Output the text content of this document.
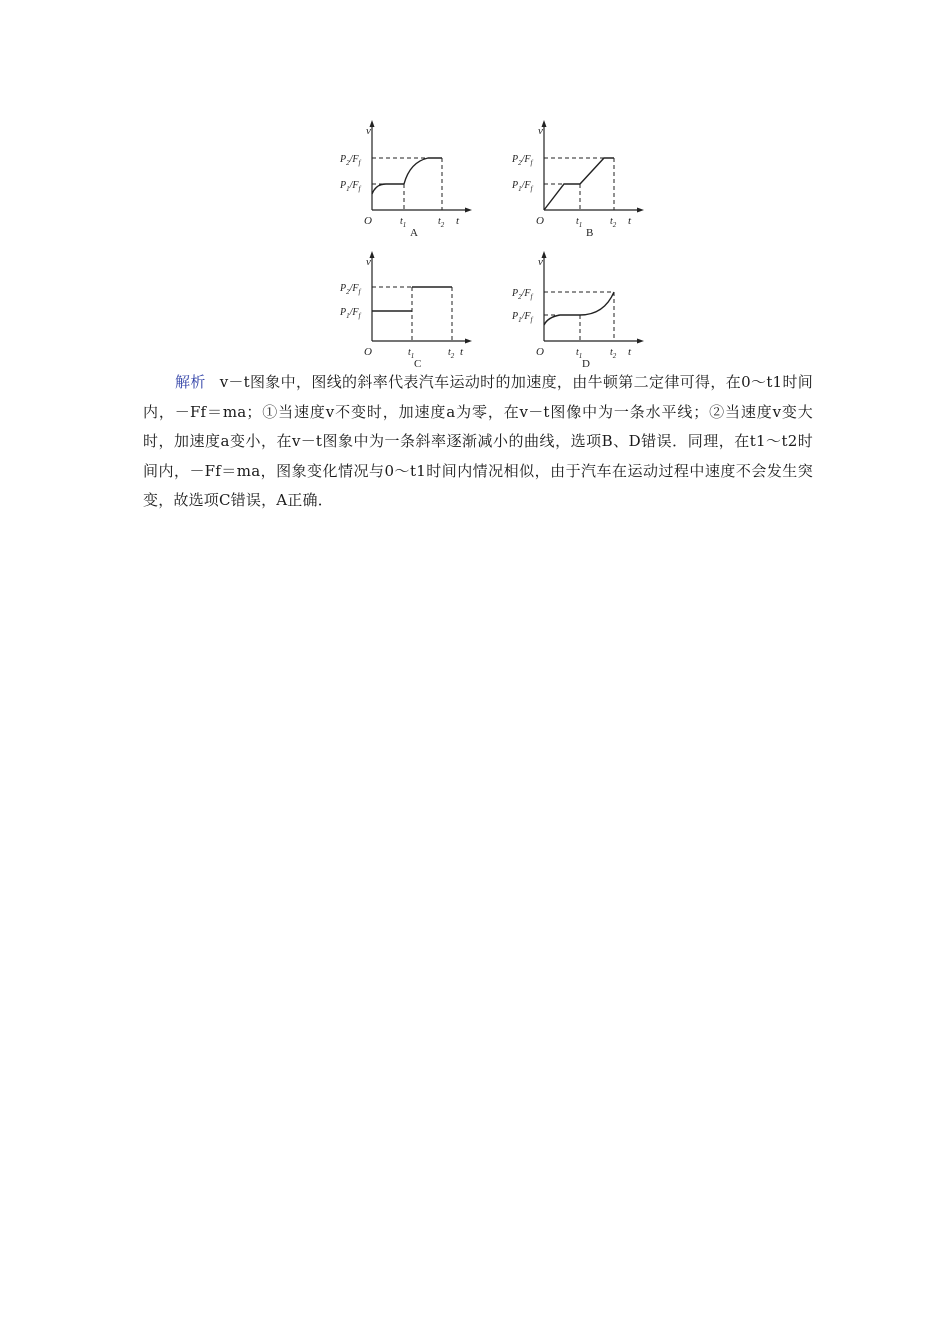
v
$P_2/F_f$
$P_1/F_f$
O	$t_1$	$t_2$ t
A
v
$P_2/F_f$
$P_1/F_f$
O	$t_1$	$t_2$ t
B
v
$P_2/F_f$
$P_1/F_f$
O	$t_1$	$t_2$ t
C
v
$P_2/F_f$
$P_1/F_f$
O	$t_1$	$t_2$ t
D
解析 v－t图象中，图线的斜率代表汽车运动时的加速度，由牛顿第二定律可得，在0～t1时间内，－Ff＝ma；①当速度v不变时，加速度a为零，在v－t图像中为一条水平线；②当速度v变大时，加速度a变小，在v－t图象中为一条斜率逐渐减小的曲线，选项B、D错误．同理，在t1～t2时间内，－Ff＝ma，图象变化情况与0～t1时间内情况相似，由于汽车在运动过程中速度不会发生突变，故选项C错误，A正确．
